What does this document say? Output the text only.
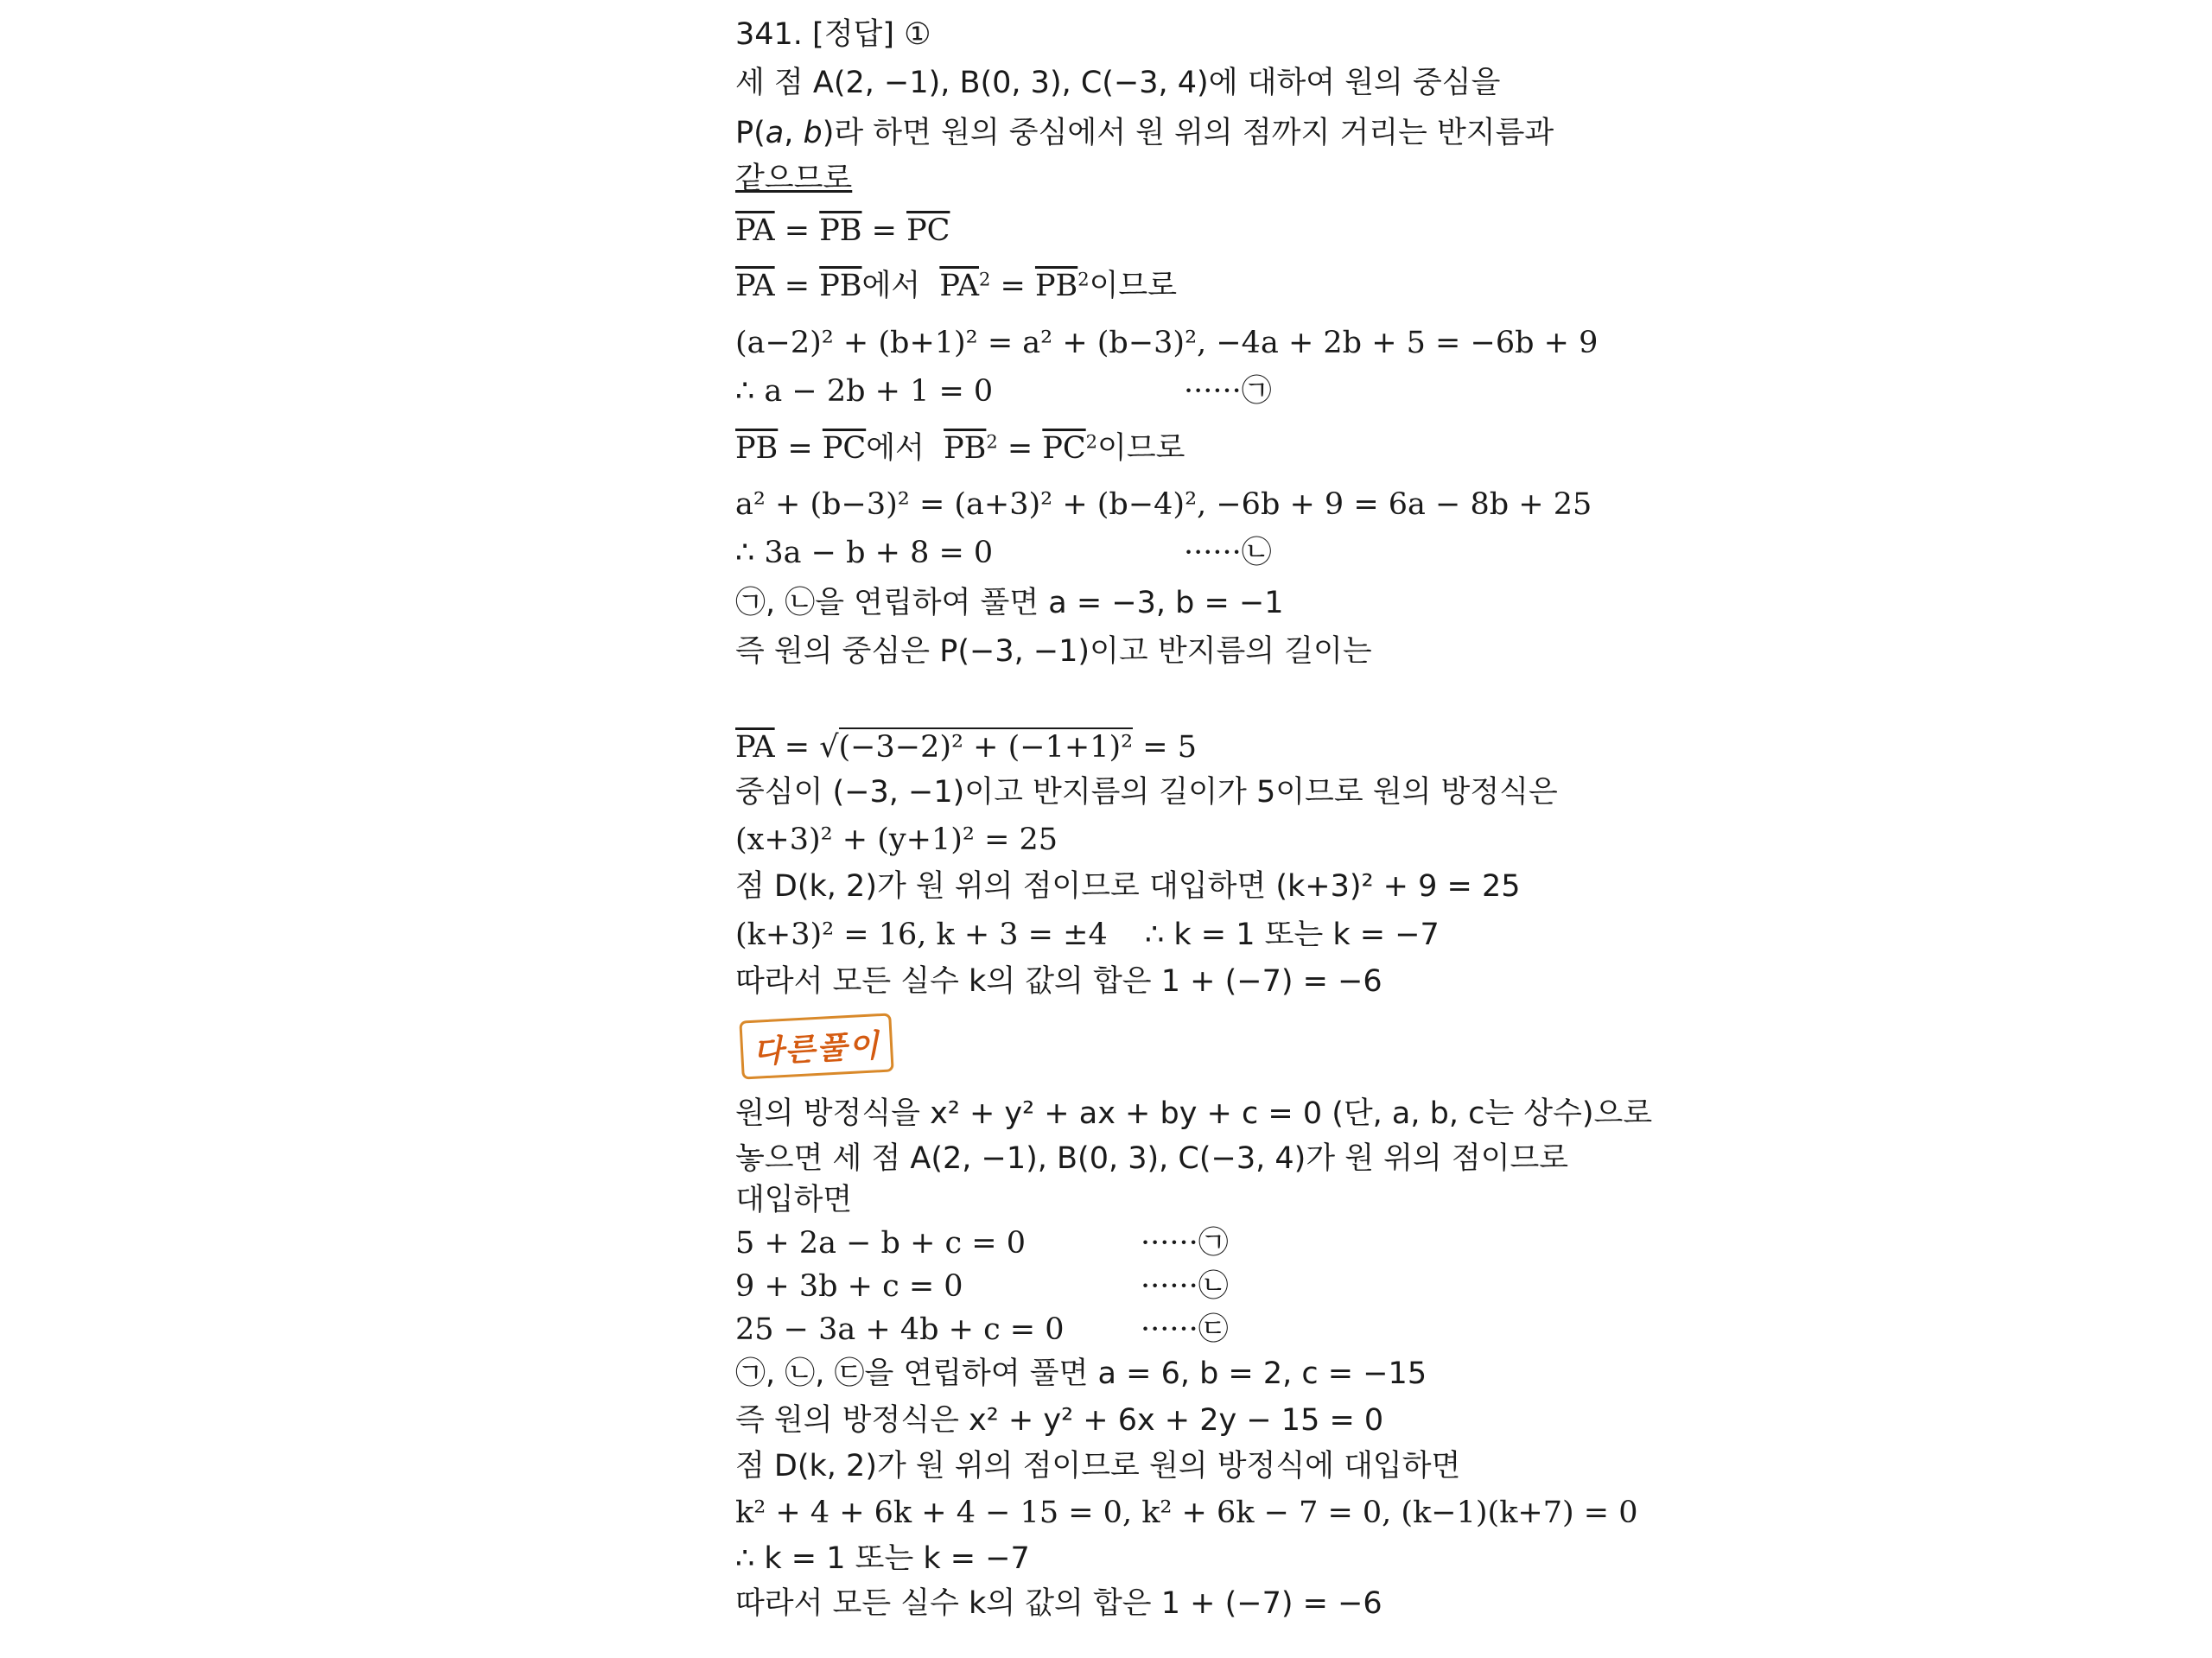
341. [정답] ①
세 점 A(2, −1), B(0, 3), C(−3, 4)에 대하여 원의 중심을
P(a, b)라 하면 원의 중심에서 원 위의 점까지 거리는 반지름과
같으므로
$\overline{PA} = \overline{PB} = \overline{PC}$
$\overline{PA} = \overline{PB}$에서 $\overline{PA}^2 = \overline{PB}^2$이므로
(a−2)² + (b+1)² = a² + (b−3)², −4a + 2b + 5 = −6b + 9
∴ a − 2b + 1 = 0	······㉠
$\overline{PB} = \overline{PC}$에서 $\overline{PB}^2 = \overline{PC}^2$이므로
a² + (b−3)² = (a+3)² + (b−4)², −6b + 9 = 6a − 8b + 25
∴ 3a − b + 8 = 0	······㉡
㉠, ㉡을 연립하여 풀면 a = −3, b = −1
즉 원의 중심은 P(−3, −1)이고 반지름의 길이는
$\overline{PA} = √(-3-2)^2 + (-1+1)^2 = 5$
중심이 (−3, −1)이고 반지름의 길이가 5이므로 원의 방정식은
(x+3)² + (y+1)² = 25
점 D(k, 2)가 원 위의 점이므로 대입하면 (k+3)² + 9 = 25
(k+3)² = 16, k + 3 = ±4 ∴ k = 1 또는 k = −7
따라서 모든 실수 k의 값의 합은 1 + (−7) = −6
다른풀이
원의 방정식을 x² + y² + ax + by + c = 0 (단, a, b, c는 상수)으로
놓으면 세 점 A(2, −1), B(0, 3), C(−3, 4)가 원 위의 점이므로
대입하면
5 + 2a − b + c = 0	······㉠
9 + 3b + c = 0	······㉡
25 − 3a + 4b + c = 0	······㉢
㉠, ㉡, ㉢을 연립하여 풀면 a = 6, b = 2, c = −15
즉 원의 방정식은 x² + y² + 6x + 2y − 15 = 0
점 D(k, 2)가 원 위의 점이므로 원의 방정식에 대입하면
k² + 4 + 6k + 4 − 15 = 0, k² + 6k − 7 = 0, (k−1)(k+7) = 0
∴ k = 1 또는 k = −7
따라서 모든 실수 k의 값의 합은 1 + (−7) = −6
